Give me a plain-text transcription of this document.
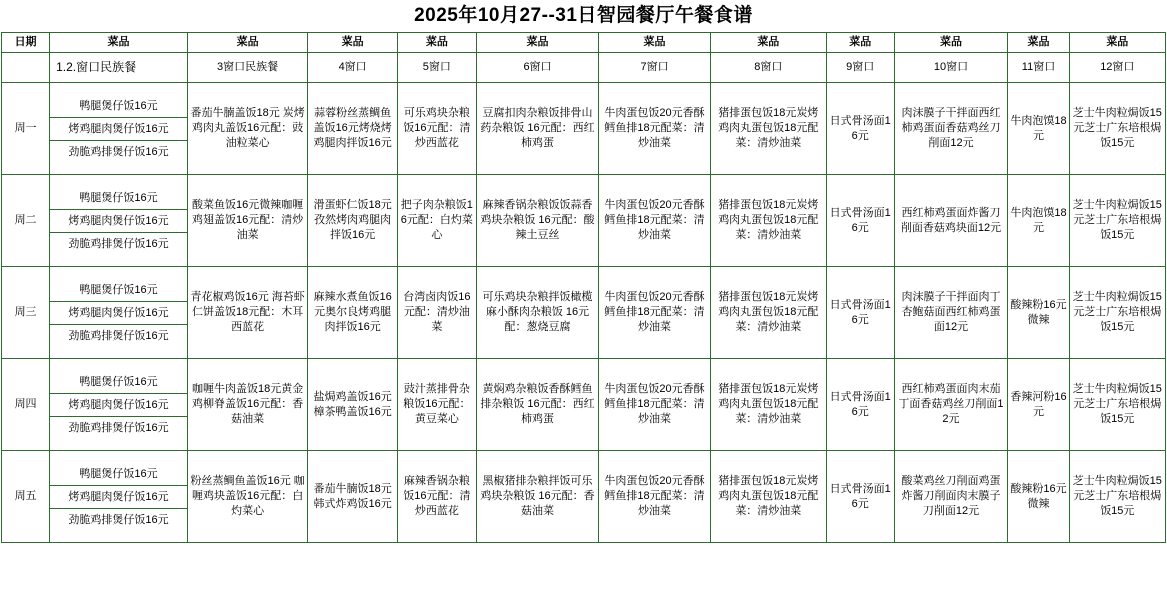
2025年10月27--31日智园餐厅午餐食谱
日期	菜品	菜品	菜品	菜品	菜品	菜品	菜品	菜品	菜品	菜品	菜品
	1.2.窗口民族餐	3窗口民族餐	4窗口	5窗口	6窗口	7窗口	8窗口	9窗口	10窗口	11窗口	12窗口
周一	鸭腿煲仔饭16元
烤鸡腿肉煲仔饭16元
劲脆鸡排煲仔饭16元	番茄牛腩盖饭18元 炭烤鸡肉丸盖饭16元配：豉油粒菜心	蒜蓉粉丝蒸鲷鱼盖饭16元烤烧烤鸡腿肉拌饭16元	可乐鸡块杂粮饭16元配：清炒西蓝花	豆腐扣肉杂粮饭排骨山药杂粮饭 16元配：西红柿鸡蛋	牛肉蛋包饭20元香酥鳕鱼排18元配菜：清炒油菜	猪排蛋包饭18元炭烤鸡肉丸蛋包饭18元配菜：清炒油菜	日式骨汤面16元	肉沫膜子干拌面西红柿鸡蛋面香菇鸡丝刀削面12元	牛肉泡馍18元	芝士牛肉粒焗饭15元芝士广东培根焗饭15元
周二	鸭腿煲仔饭16元
烤鸡腿肉煲仔饭16元
劲脆鸡排煲仔饭16元	酸菜鱼饭16元微辣咖喱鸡翅盖饭16元配：清炒油菜	滑蛋虾仁饭18元孜然烤肉鸡腿肉拌饭16元	把子肉杂粮饭16元配：白灼菜心	麻辣香锅杂粮饭饭蒜香鸡块杂粮饭 16元配：酸辣土豆丝	牛肉蛋包饭20元香酥鳕鱼排18元配菜：清炒油菜	猪排蛋包饭18元炭烤鸡肉丸蛋包饭18元配菜：清炒油菜	日式骨汤面16元	西红柿鸡蛋面炸酱刀削面香菇鸡块面12元	牛肉泡馍18元	芝士牛肉粒焗饭15元芝士广东培根焗饭15元
周三	鸭腿煲仔饭16元
烤鸡腿肉煲仔饭16元
劲脆鸡排煲仔饭16元	青花椒鸡饭16元 海苔虾仁饼盖饭18元配：木耳西蓝花	麻辣水煮鱼饭16元奥尔良烤鸡腿肉拌饭16元	台湾卤肉饭16元配：清炒油菜	可乐鸡块杂粮拌饭橄榄麻小酥肉杂粮饭 16元配：葱烧豆腐	牛肉蛋包饭20元香酥鳕鱼排18元配菜：清炒油菜	猪排蛋包饭18元炭烤鸡肉丸蛋包饭18元配菜：清炒油菜	日式骨汤面16元	肉沫膜子干拌面肉丁杏鲍菇面西红柿鸡蛋面12元	酸辣粉16元微辣	芝士牛肉粒焗饭15元芝士广东培根焗饭15元
周四	鸭腿煲仔饭16元
烤鸡腿肉煲仔饭16元
劲脆鸡排煲仔饭16元	咖喱牛肉盖饭18元黄金鸡柳脊盖饭16元配：香菇油菜	盐焗鸡盖饭16元樟茶鸭盖饭16元	豉汁蒸排骨杂粮饭16元配：黄豆菜心	黄焖鸡杂粮饭香酥鳕鱼排杂粮饭 16元配：西红柿鸡蛋	牛肉蛋包饭20元香酥鳕鱼排18元配菜：清炒油菜	猪排蛋包饭18元炭烤鸡肉丸蛋包饭18元配菜：清炒油菜	日式骨汤面16元	西红柿鸡蛋面肉末茄丁面香菇鸡丝刀削面12元	香辣河粉16元	芝士牛肉粒焗饭15元芝士广东培根焗饭15元
周五	鸭腿煲仔饭16元
烤鸡腿肉煲仔饭16元
劲脆鸡排煲仔饭16元	粉丝蒸鲷鱼盖饭16元 咖喱鸡块盖饭16元配：白灼菜心	番茄牛腩饭18元韩式炸鸡饭16元	麻辣香锅杂粮饭16元配：清炒西蓝花	黑椒猪排杂粮拌饭可乐鸡块杂粮饭 16元配：香菇油菜	牛肉蛋包饭20元香酥鳕鱼排18元配菜：清炒油菜	猪排蛋包饭18元炭烤鸡肉丸蛋包饭18元配菜：清炒油菜	日式骨汤面16元	酸菜鸡丝刀削面鸡蛋炸酱刀削面肉末膜子刀削面12元	酸辣粉16元微辣	芝士牛肉粒焗饭15元芝士广东培根焗饭15元
